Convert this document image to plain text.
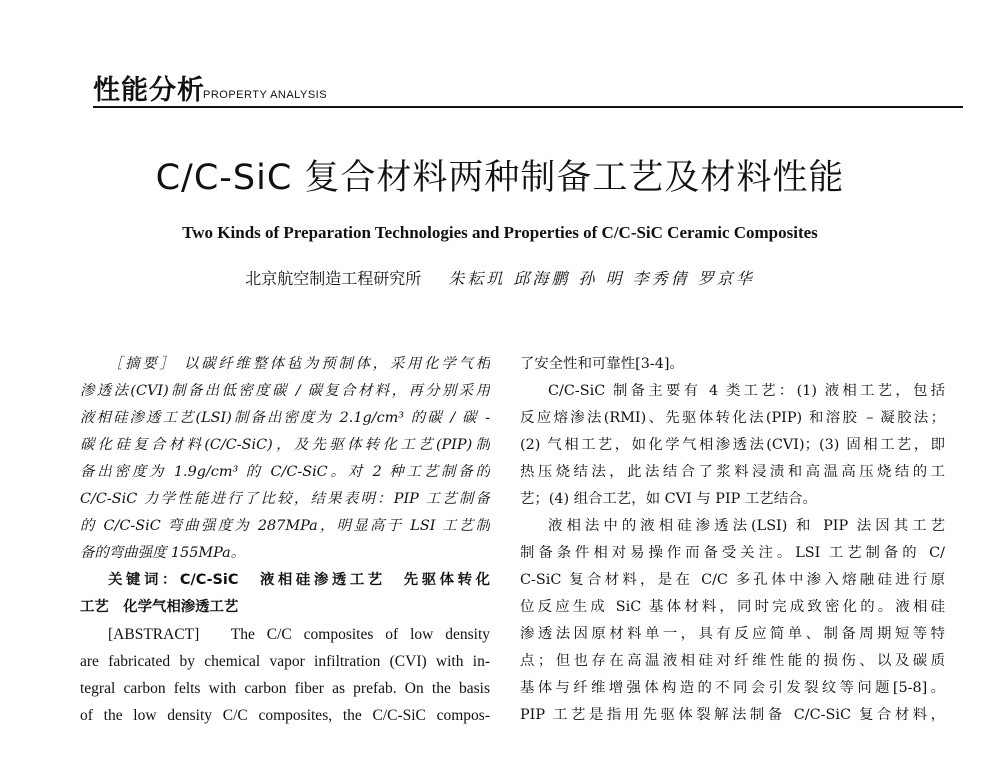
性能分析
PROPERTY ANALYSIS
C/C-SiC 复合材料两种制备工艺及材料性能
Two Kinds of Preparation Technologies and Properties of C/C-SiC Ceramic Composites
北京航空制造工程研究所 朱耘玑 邱海鹏 孙 明 李秀倩 罗京华
［摘要］ 以碳纤维整体毡为预制体，采用化学气相
渗透法(CVI)制备出低密度碳 / 碳复合材料，再分别采用
液相硅渗透工艺(LSI)制备出密度为 2.1g/cm³ 的碳 / 碳 -
碳化硅复合材料(C/C-SiC)，及先驱体转化工艺(PIP)制
备出密度为 1.9g/cm³ 的 C/C-SiC。对 2 种工艺制备的
C/C-SiC 力学性能进行了比较，结果表明：PIP 工艺制备
的 C/C-SiC 弯曲强度为 287MPa，明显高于 LSI 工艺制
备的弯曲强度 155MPa。
关键词：C/C-SiC　液相硅渗透工艺　先驱体转化
工艺　化学气相渗透工艺
[ABSTRACT]　The C/C composites of low density
are fabricated by chemical vapor infiltration (CVI) with in-
tegral carbon felts with carbon fiber as prefab. On the basis
of the low density C/C composites, the C/C-SiC compos-
了安全性和可靠性[3-4]。
C/C-SiC 制备主要有 4 类工艺：(1) 液相工艺，包括
反应熔渗法(RMI)、先驱体转化法(PIP) 和溶胶 – 凝胶法；
(2) 气相工艺，如化学气相渗透法(CVI)；(3) 固相工艺，即
热压烧结法，此法结合了浆料浸渍和高温高压烧结的工
艺；(4) 组合工艺，如 CVI 与 PIP 工艺结合。
液相法中的液相硅渗透法(LSI) 和 PIP 法因其工艺
制备条件相对易操作而备受关注。LSI 工艺制备的 C/
C-SiC 复合材料，是在 C/C 多孔体中渗入熔融硅进行原
位反应生成 SiC 基体材料，同时完成致密化的。液相硅
渗透法因原材料单一，具有反应简单、制备周期短等特
点；但也存在高温液相硅对纤维性能的损伤、以及碳质
基体与纤维增强体构造的不同会引发裂纹等问题[5-8]。
PIP 工艺是指用先驱体裂解法制备 C/C-SiC 复合材料，
